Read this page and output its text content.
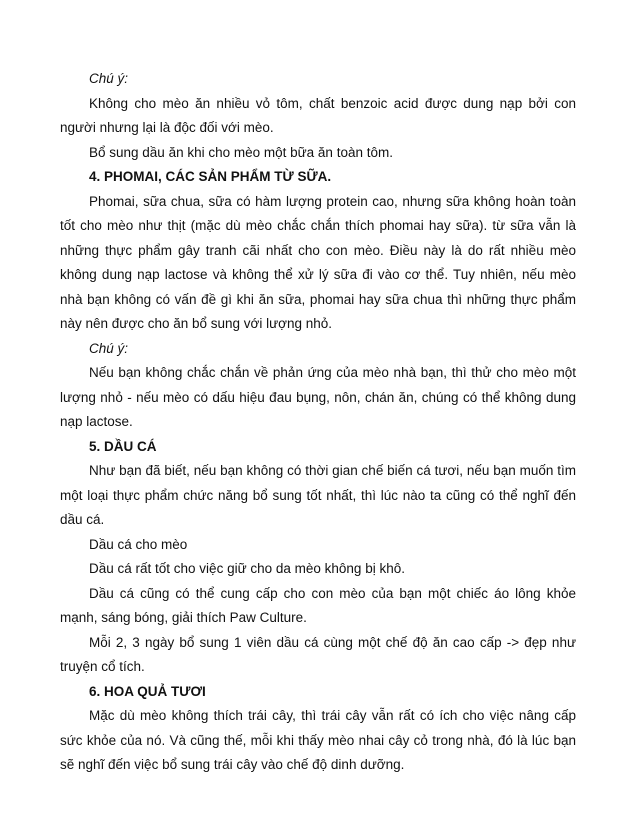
Chú ý:

Không cho mèo ăn nhiều vỏ tôm, chất benzoic acid được dung nạp bởi con người nhưng lại là độc đối với mèo.

Bổ sung dầu ăn khi cho mèo một bữa ăn toàn tôm.

4. PHOMAI, CÁC SẢN PHẨM TỪ SỮA.

Phomai, sữa chua, sữa có hàm lượng protein cao, nhưng sữa không hoàn toàn tốt cho mèo như thịt (mặc dù mèo chắc chắn thích phomai hay sữa). từ sữa vẫn là những thực phẩm gây tranh cãi nhất cho con mèo. Điều này là do rất nhiều mèo không dung nạp lactose và không thể xử lý sữa đi vào cơ thể. Tuy nhiên, nếu mèo nhà bạn không có vấn đề gì khi ăn sữa, phomai hay sữa chua thì những thực phẩm này nên được cho ăn bổ sung với lượng nhỏ.

Chú ý:

Nếu bạn không chắc chắn về phản ứng của mèo nhà bạn, thì thử cho mèo một lượng nhỏ - nếu mèo có dấu hiệu đau bụng, nôn, chán ăn, chúng có thể không dung nạp lactose.

5. DẦU CÁ

Như bạn đã biết, nếu bạn không có thời gian chế biến cá tươi, nếu bạn muốn tìm một loại thực phẩm chức năng bổ sung tốt nhất, thì lúc nào ta cũng có thể nghĩ đến dầu cá.

Dầu cá cho mèo

Dầu cá rất tốt cho việc giữ cho da mèo không bị khô.

Dầu cá cũng có thể cung cấp cho con mèo của bạn một chiếc áo lông khỏe mạnh, sáng bóng, giải thích Paw Culture.

Mỗi 2, 3 ngày bổ sung 1 viên dầu cá cùng một chế độ ăn cao cấp -> đẹp như truyện cổ tích.

6. HOA QUẢ TƯƠI

Mặc dù mèo không thích trái cây, thì trái cây vẫn rất có ích cho việc nâng cấp sức khỏe của nó. Và cũng thế, mỗi khi thấy mèo nhai cây cỏ trong nhà, đó là lúc bạn sẽ nghĩ đến việc bổ sung trái cây vào chế độ dinh dưỡng.
